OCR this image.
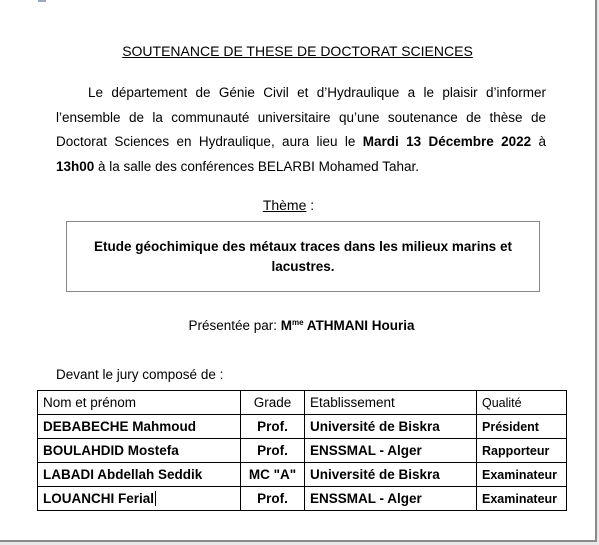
SOUTENANCE DE THESE DE DOCTORAT SCIENCES

Le département de Génie Civil et d’Hydraulique a le plaisir d’informer l’ensemble de la communauté universitaire qu’une soutenance de thèse de Doctorat Sciences en Hydraulique, aura lieu le Mardi 13 Décembre 2022 à 13h00 à la salle des conférences BELARBI Mohamed Tahar.

Thème :

Etude géochimique des métaux traces dans les milieux marins et lacustres.

Présentée par: $M^{me}$ ATHMANI Houria
Devant le jury composé de :
Nom et prénom	Grade	Etablissement	Qualité
DEBABECHE Mahmoud	Prof.	Université de Biskra	Président
BOULAHDID Mostefa	Prof.	ENSSMAL - Alger	Rapporteur
LABADI Abdellah Seddik	MC "A"	Université de Biskra	Examinateur
LOUANCHI Ferial	Prof.	ENSSMAL - Alger	Examinateur
